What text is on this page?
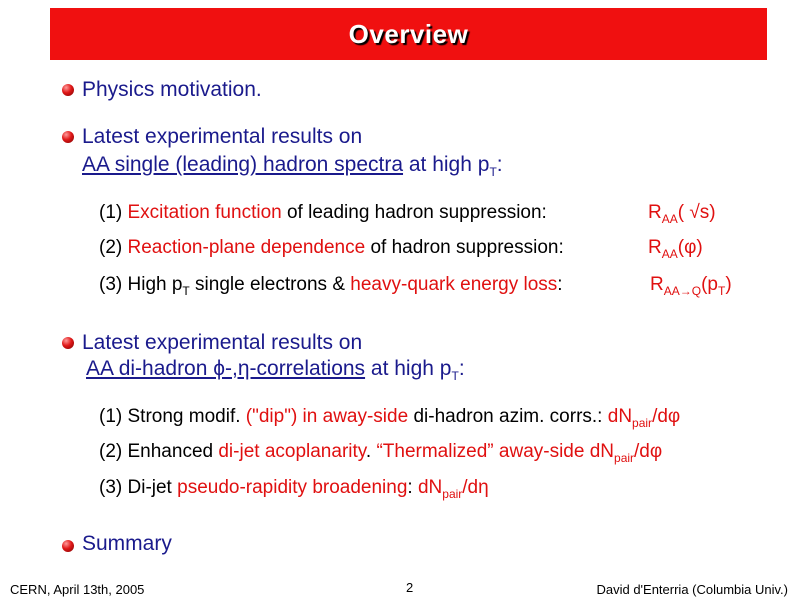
Overview
Physics motivation.
Latest experimental results on
AA single (leading) hadron spectra at high $p_T$:
(1) Excitation function of leading hadron suppression:	$R_{AA}$( √s)
(2) Reaction-plane dependence of hadron suppression:	$R_{AA}(\varphi)$
(3) High $p_T$ single electrons & heavy-quark energy loss:	$R_{AA\to Q}(p_T)$
Latest experimental results on
AA di-hadron ϕ‐,η‐correlations at high $p_T$:
(1) Strong modif. ("dip") in away-side di-hadron azim. corrs.: $dN_{pair}/d\varphi$
(2) Enhanced di-jet acoplanarity. “Thermalized” away-side $dN_{pair}/d\varphi$
(3) Di-jet pseudo-rapidity broadening: $dN_{pair}/d\eta$
Summary
CERN, April 13th, 2005	2	David d'Enterria (Columbia Univ.)
